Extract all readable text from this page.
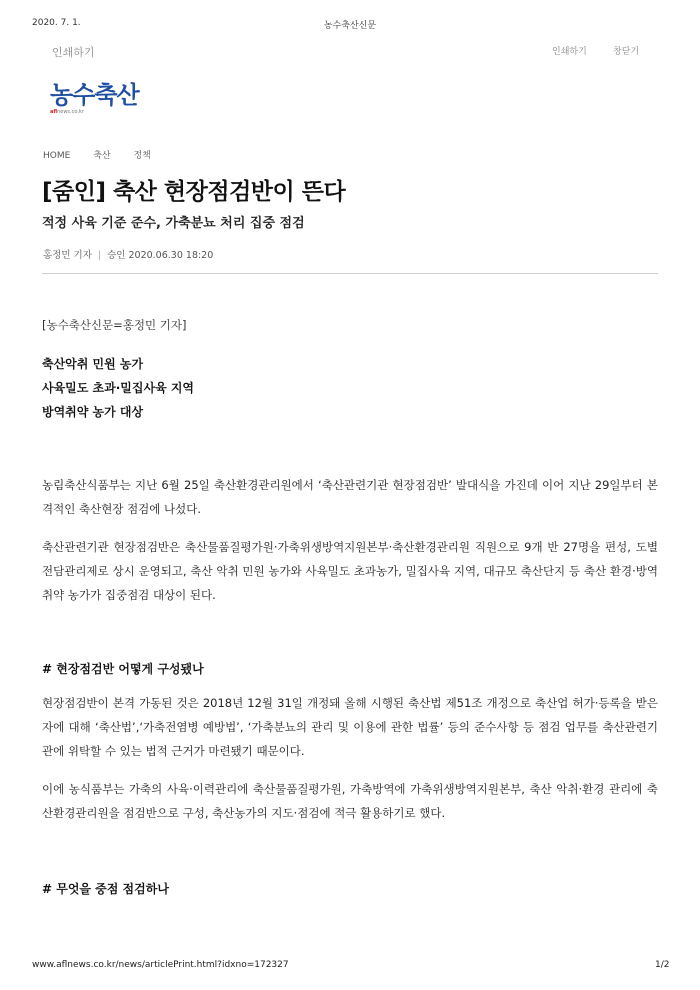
2020. 7. 1.	농수축산신문
인쇄하기	인쇄하기	창닫기
농수축산
aflnews.co.kr
HOME	축산	정책
[줌인] 축산 현장점검반이 뜬다
적정 사육 기준 준수, 가축분뇨 처리 집중 점검
홍정민 기자 | 승인 2020.06.30 18:20
[농수축산신문=홍정민 기자]
축산악취 민원 농가
사육밀도 초과·밀집사육 지역
방역취약 농가 대상
농림축산식품부는 지난 6월 25일 축산환경관리원에서 ‘축산관련기관 현장점검반’ 발대식을 가진데 이어 지난 29일부터 본격적인 축산현장 점검에 나섰다.
축산관련기관 현장점검반은 축산물품질평가원·가축위생방역지원본부·축산환경관리원 직원으로 9개 반 27명을 편성, 도별 전담관리제로 상시 운영되고, 축산 악취 민원 농가와 사육밀도 초과농가, 밀집사육 지역, 대규모 축산단지 등 축산 환경·방역 취약 농가가 집중점검 대상이 된다.
# 현장점검반 어떻게 구성됐나
현장점검반이 본격 가동된 것은 2018년 12월 31일 개정돼 올해 시행된 축산법 제51조 개정으로 축산업 허가·등록을 받은 자에 대해 ‘축산법’,‘가축전염병 예방법’, ‘가축분뇨의 관리 및 이용에 관한 법률’ 등의 준수사항 등 점검 업무를 축산관련기관에 위탁할 수 있는 법적 근거가 마련됐기 때문이다.
이에 농식품부는 가축의 사육·이력관리에 축산물품질평가원, 가축방역에 가축위생방역지원본부, 축산 악취·환경 관리에 축산환경관리원을 점검반으로 구성, 축산농가의 지도·점검에 적극 활용하기로 했다.
# 무엇을 중점 점검하나
www.aflnews.co.kr/news/articlePrint.html?idxno=172327	1/2
